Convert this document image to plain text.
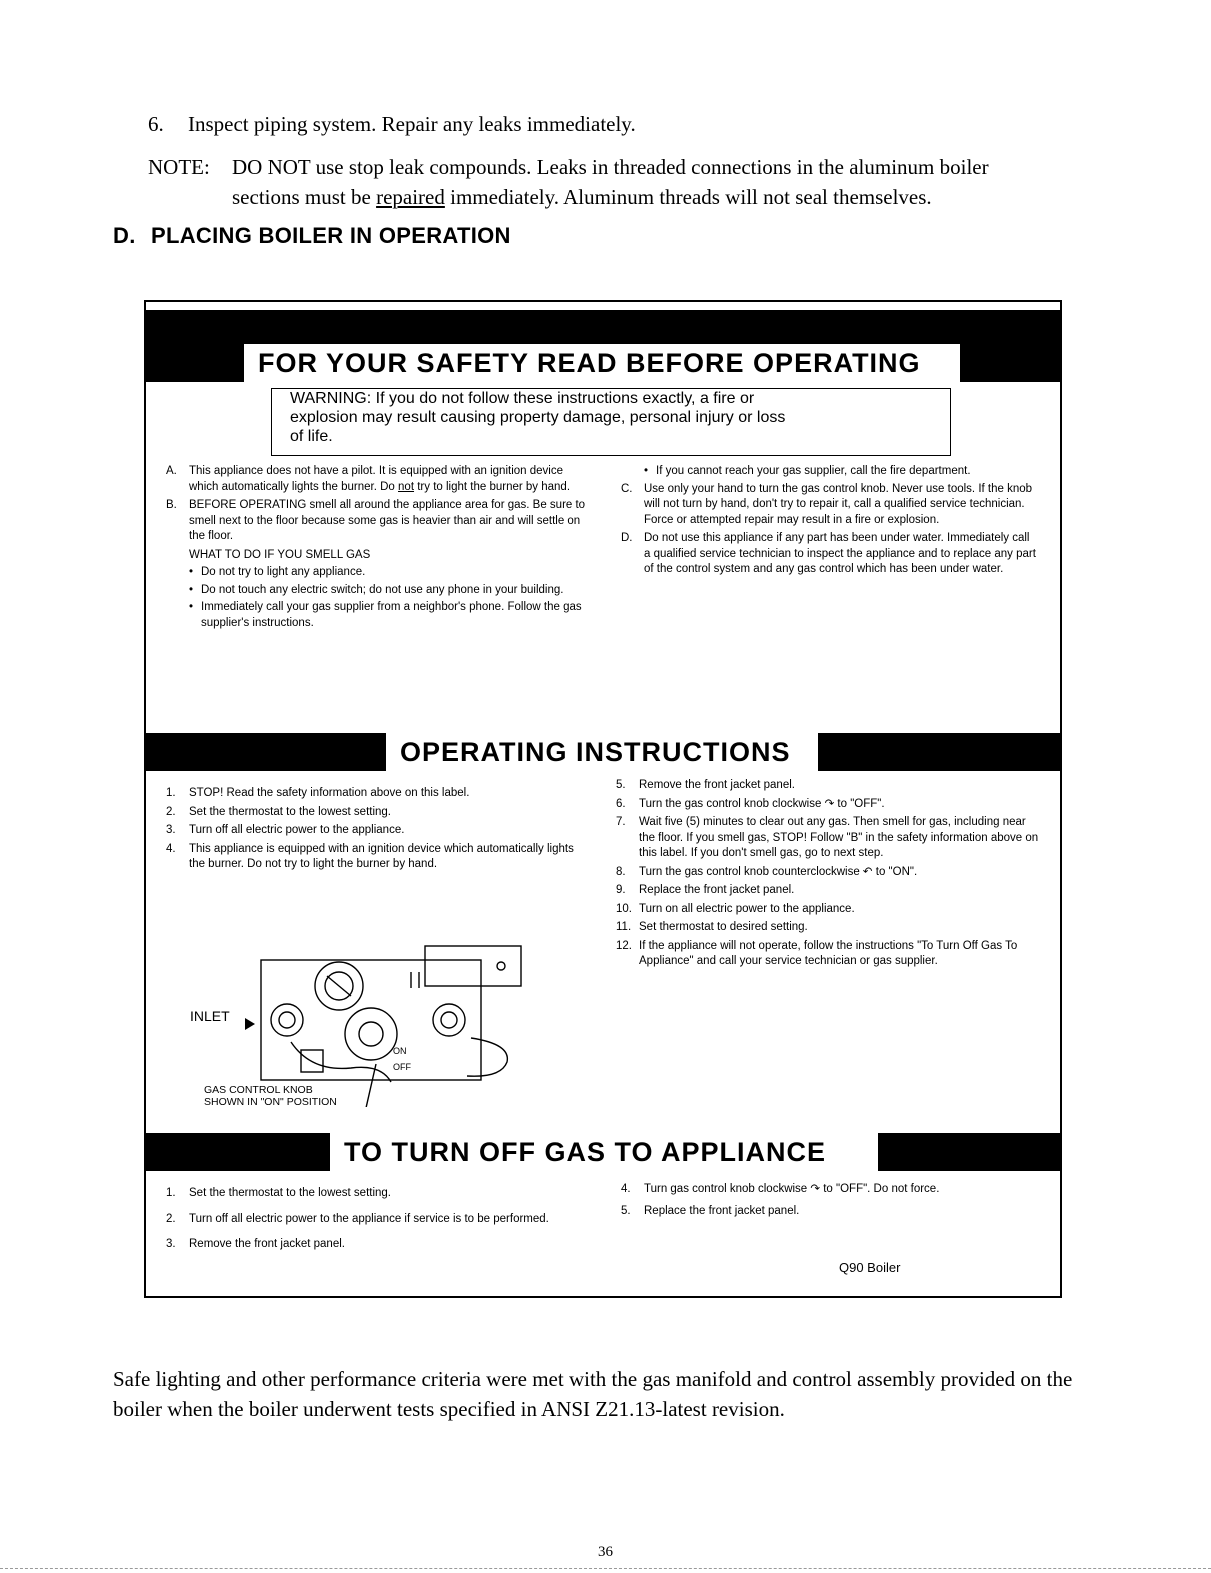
6. Inspect piping system. Repair any leaks immediately.
NOTE: DO NOT use stop leak compounds. Leaks in threaded connections in the aluminum boiler
sections must be repaired immediately. Aluminum threads will not seal themselves.
D. PLACING BOILER IN OPERATION
FOR YOUR SAFETY READ BEFORE OPERATING
WARNING: If you do not follow these instructions exactly, a fire or
explosion may result causing property damage, personal injury or loss
of life.
A. This appliance does not have a pilot. It is equipped with an ignition device which automatically lights the burner. Do not try to light the burner by hand.
B. BEFORE OPERATING smell all around the appliance area for gas. Be sure to smell next to the floor because some gas is heavier than air and will settle on the floor.
WHAT TO DO IF YOU SMELL GAS
• Do not try to light any appliance.
• Do not touch any electric switch; do not use any phone in your building.
• Immediately call your gas supplier from a neighbor's phone. Follow the gas supplier's instructions.
• If you cannot reach your gas supplier, call the fire department.
C. Use only your hand to turn the gas control knob. Never use tools. If the knob will not turn by hand, don't try to repair it, call a qualified service technician. Force or attempted repair may result in a fire or explosion.
D. Do not use this appliance if any part has been under water. Immediately call a qualified service technician to inspect the appliance and to replace any part of the control system and any gas control which has been under water.
OPERATING INSTRUCTIONS
1. STOP! Read the safety information above on this label.
2. Set the thermostat to the lowest setting.
3. Turn off all electric power to the appliance.
4. This appliance is equipped with an ignition device which automatically lights the burner. Do not try to light the burner by hand.
5. Remove the front jacket panel.
6. Turn the gas control knob clockwise ↷ to "OFF".
7. Wait five (5) minutes to clear out any gas. Then smell for gas, including near the floor. If you smell gas, STOP! Follow "B" in the safety information above on this label. If you don't smell gas, go to next step.
8. Turn the gas control knob counterclockwise ↶ to "ON".
9. Replace the front jacket panel.
10. Turn on all electric power to the appliance.
11. Set thermostat to desired setting.
12. If the appliance will not operate, follow the instructions "To Turn Off Gas To Appliance" and call your service technician or gas supplier.
ON
OFF
INLET
GAS CONTROL KNOB
SHOWN IN "ON" POSITION
TO TURN OFF GAS TO APPLIANCE
1. Set the thermostat to the lowest setting.
2. Turn off all electric power to the appliance if service is to be performed.
3. Remove the front jacket panel.
4. Turn gas control knob clockwise ↷ to "OFF". Do not force.
5. Replace the front jacket panel.
Q90 Boiler
Safe lighting and other performance criteria were met with the gas manifold and control assembly provided on the boiler when the boiler underwent tests specified in ANSI Z21.13-latest revision.
36
